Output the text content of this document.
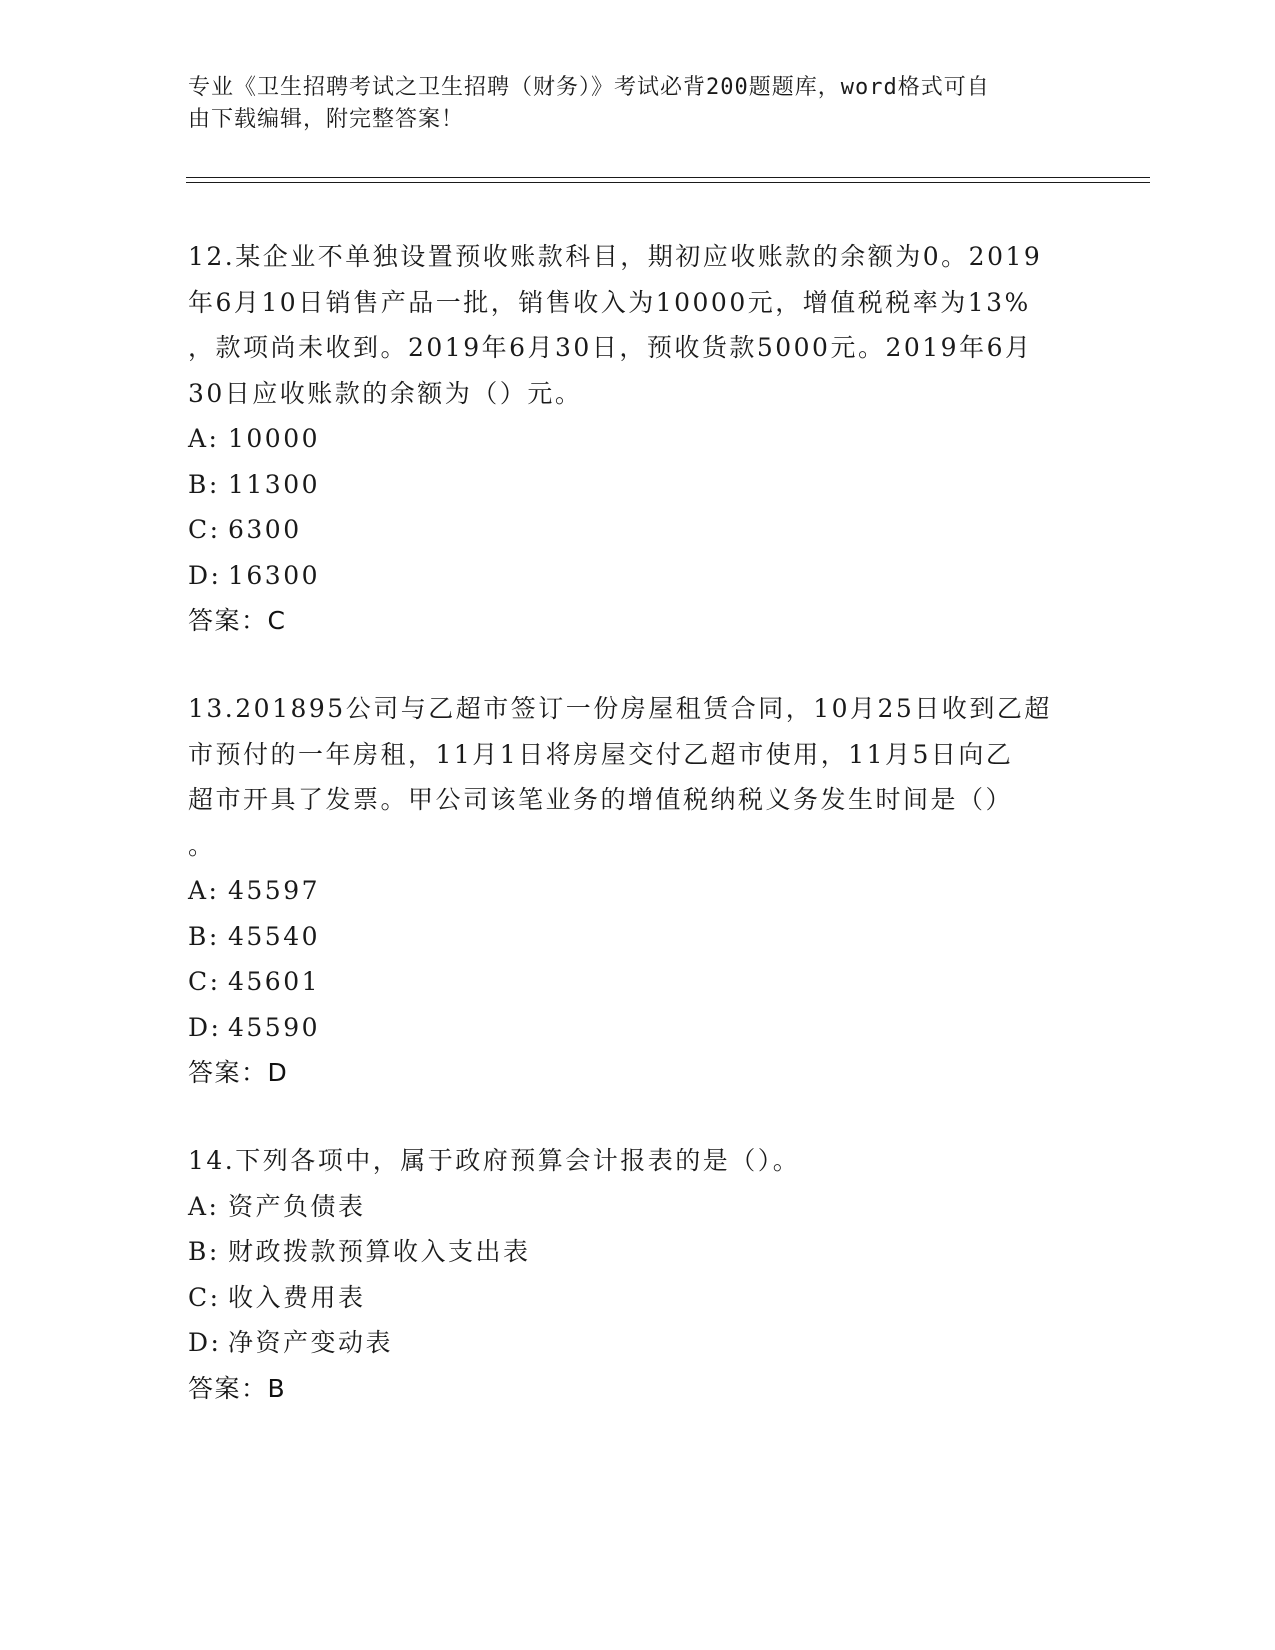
专业《卫生招聘考试之卫生招聘（财务）》考试必背200题题库，word格式可自
由下载编辑，附完整答案！
12.某企业不单独设置预收账款科目，期初应收账款的余额为0。2019
年6月10日销售产品一批，销售收入为10000元，增值税税率为13%
，款项尚未收到。2019年6月30日，预收货款5000元。2019年6月
30日应收账款的余额为（）元。
A: 10000
B: 11300
C: 6300
D: 16300
答案：C
13.201895公司与乙超市签订一份房屋租赁合同，10月25日收到乙超
市预付的一年房租，11月1日将房屋交付乙超市使用，11月5日向乙
超市开具了发票。甲公司该笔业务的增值税纳税义务发生时间是（）
。
A: 45597
B: 45540
C: 45601
D: 45590
答案：D
14.下列各项中，属于政府预算会计报表的是（）。
A: 资产负债表
B: 财政拨款预算收入支出表
C: 收入费用表
D: 净资产变动表
答案：B
